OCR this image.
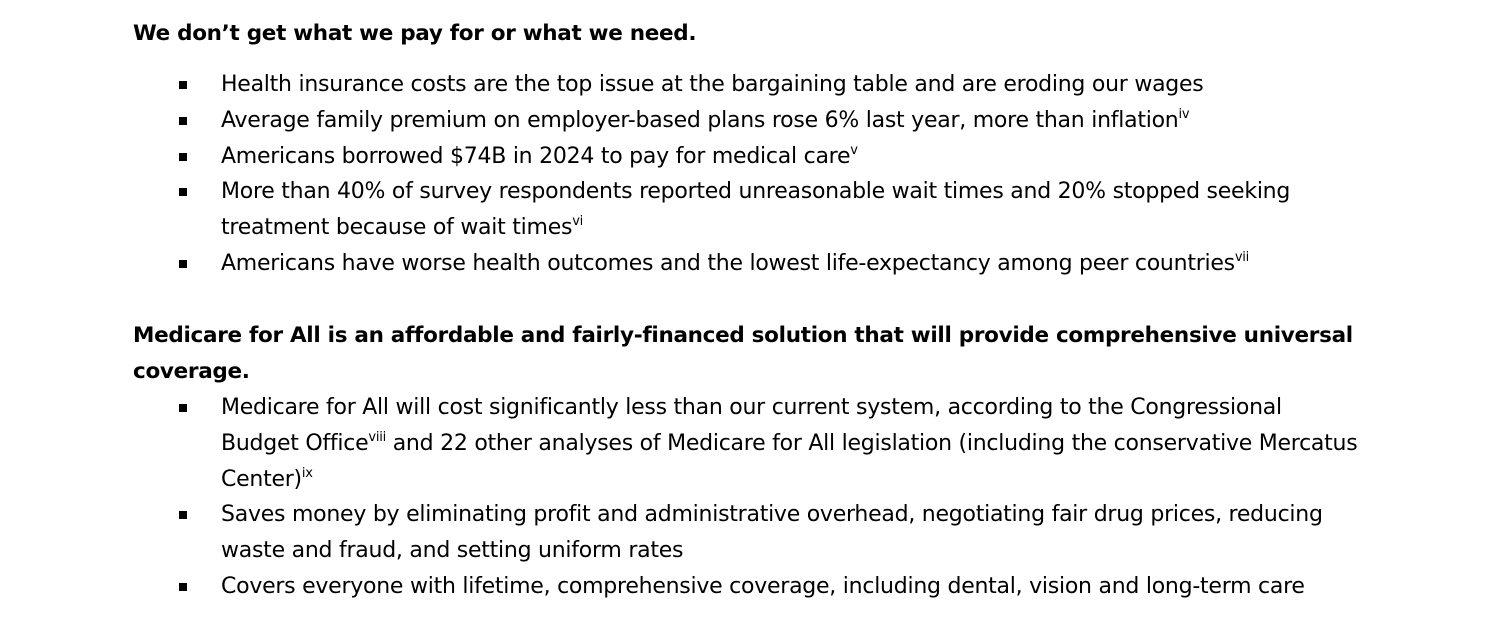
We don’t get what we pay for or what we need.
Health insurance costs are the top issue at the bargaining table and are eroding our wages
Average family premium on employer-based plans rose 6% last year, more than inflation$^{iv}$
Americans borrowed $74B in 2024 to pay for medical care$^v$
More than 40% of survey respondents reported unreasonable wait times and 20% stopped seeking treatment because of wait times$^{vi}$
Americans have worse health outcomes and the lowest life-expectancy among peer countries$^{vii}$
Medicare for All is an affordable and fairly-financed solution that will provide comprehensive universal coverage.
Medicare for All will cost significantly less than our current system, according to the Congressional Budget Office$^{viii}$ and 22 other analyses of Medicare for All legislation (including the conservative Mercatus Center)$^{ix}$
Saves money by eliminating profit and administrative overhead, negotiating fair drug prices, reducing waste and fraud, and setting uniform rates
Covers everyone with lifetime, comprehensive coverage, including dental, vision and long-term care
